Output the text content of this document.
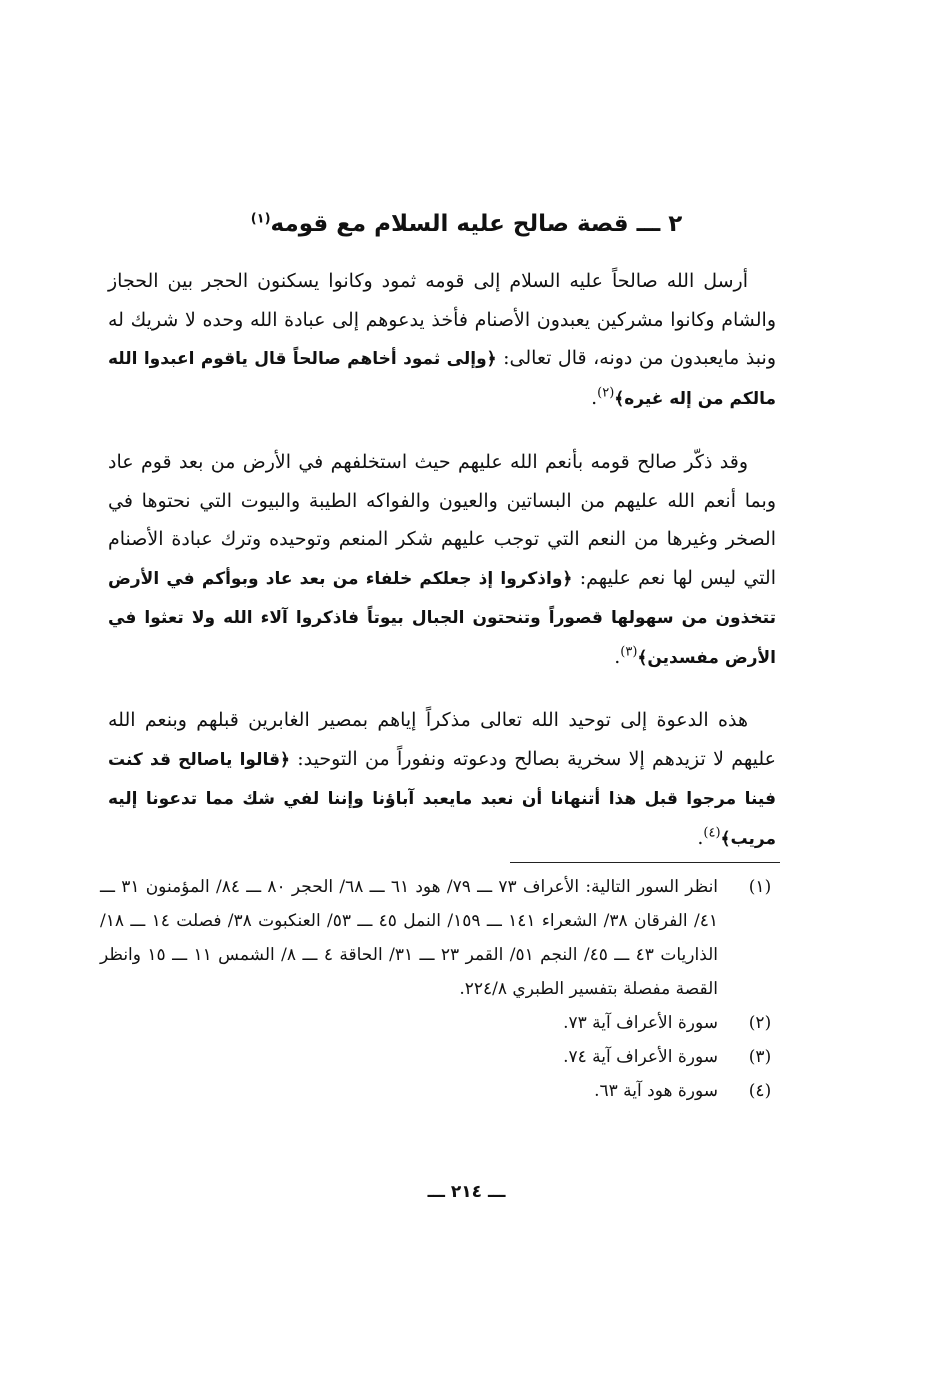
٢ ـــ قصة صالح عليه السلام مع قومه$^{(١)}$
أرسل الله صالحاً عليه السلام إلى قومه ثمود وكانوا يسكنون الحجر بين الحجاز والشام وكانوا مشركين يعبدون الأصنام فأخذ يدعوهم إلى عبادة الله وحده لا شريك له ونبذ مايعبدون من دونه، قال تعالى: ﴿وإلى ثمود أخاهم صالحاً قال ياقوم اعبدوا الله مالكم من إله غيره﴾$^{(٢)}$.
وقد ذكّر صالح قومه بأنعم الله عليهم حيث استخلفهم في الأرض من بعد قوم عاد وبما أنعم الله عليهم من البساتين والعيون والفواكه الطيبة والبيوت التي نحتوها في الصخر وغيرها من النعم التي توجب عليهم شكر المنعم وتوحيده وترك عبادة الأصنام التي ليس لها نعم عليهم: ﴿واذكروا إذ جعلكم خلفاء من بعد عاد وبوأكم في الأرض تتخذون من سهولها قصوراً وتنحتون الجبال بيوتاً فاذكروا آلاء الله ولا تعثوا في الأرض مفسدين﴾$^{(٣)}$.
هذه الدعوة إلى توحيد الله تعالى مذكراً إياهم بمصير الغابرين قبلهم وبنعم الله عليهم لا تزيدهم إلا سخرية بصالح ودعوته ونفوراً من التوحيد: ﴿قالوا ياصالح قد كنت فينا مرجوا قبل هذا أتنهانا أن نعبد مايعبد آباؤنا وإننا لفي شك مما تدعونا إليه مريب﴾$^{(٤)}$.
(١)
انظر السور التالية: الأعراف ٧٣ ـــ ٧٩/ هود ٦١ ـــ ٦٨/ الحجر ٨٠ ـــ ٨٤/ المؤمنون ٣١ ـــ ٤١/ الفرقان ٣٨/ الشعراء ١٤١ ـــ ١٥٩/ النمل ٤٥ ـــ ٥٣/ العنكبوت ٣٨/ فصلت ١٤ ـــ ١٨/ الذاريات ٤٣ ـــ ٤٥/ النجم ٥١/ القمر ٢٣ ـــ ٣١/ الحاقة ٤ ـــ ٨/ الشمس ١١ ـــ ١٥ وانظر القصة مفصلة بتفسير الطبري ٢٢٤/٨.
(٢)
سورة الأعراف آية ٧٣.
(٣)
سورة الأعراف آية ٧٤.
(٤)
سورة هود آية ٦٣.
ـــ ٢١٤ ـــ
